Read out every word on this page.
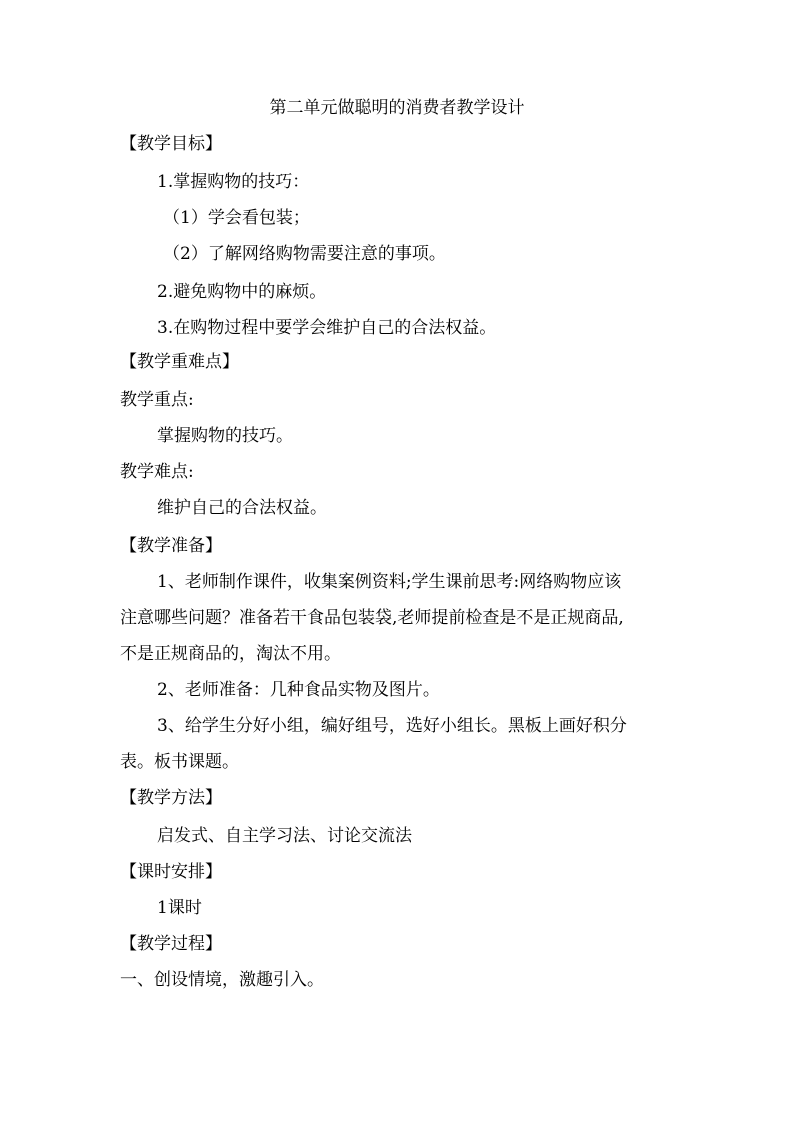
第二单元做聪明的消费者教学设计
【教学目标】
1.掌握购物的技巧：
（1）学会看包装；
（2）了解网络购物需要注意的事项。
2.避免购物中的麻烦。
3.在购物过程中要学会维护自己的合法权益。
【教学重难点】
教学重点:
掌握购物的技巧。
教学难点:
维护自己的合法权益。
【教学准备】
1、老师制作课件，收集案例资料;学生课前思考:网络购物应该
注意哪些问题？准备若干食品包装袋,老师提前检查是不是正规商品,
不是正规商品的，淘汰不用。
2、老师准备：几种食品实物及图片。
3、给学生分好小组，编好组号，选好小组长。黑板上画好积分
表。板书课题。
【教学方法】
启发式、自主学习法、讨论交流法
【课时安排】
1课时
【教学过程】
一、创设情境，激趣引入。
